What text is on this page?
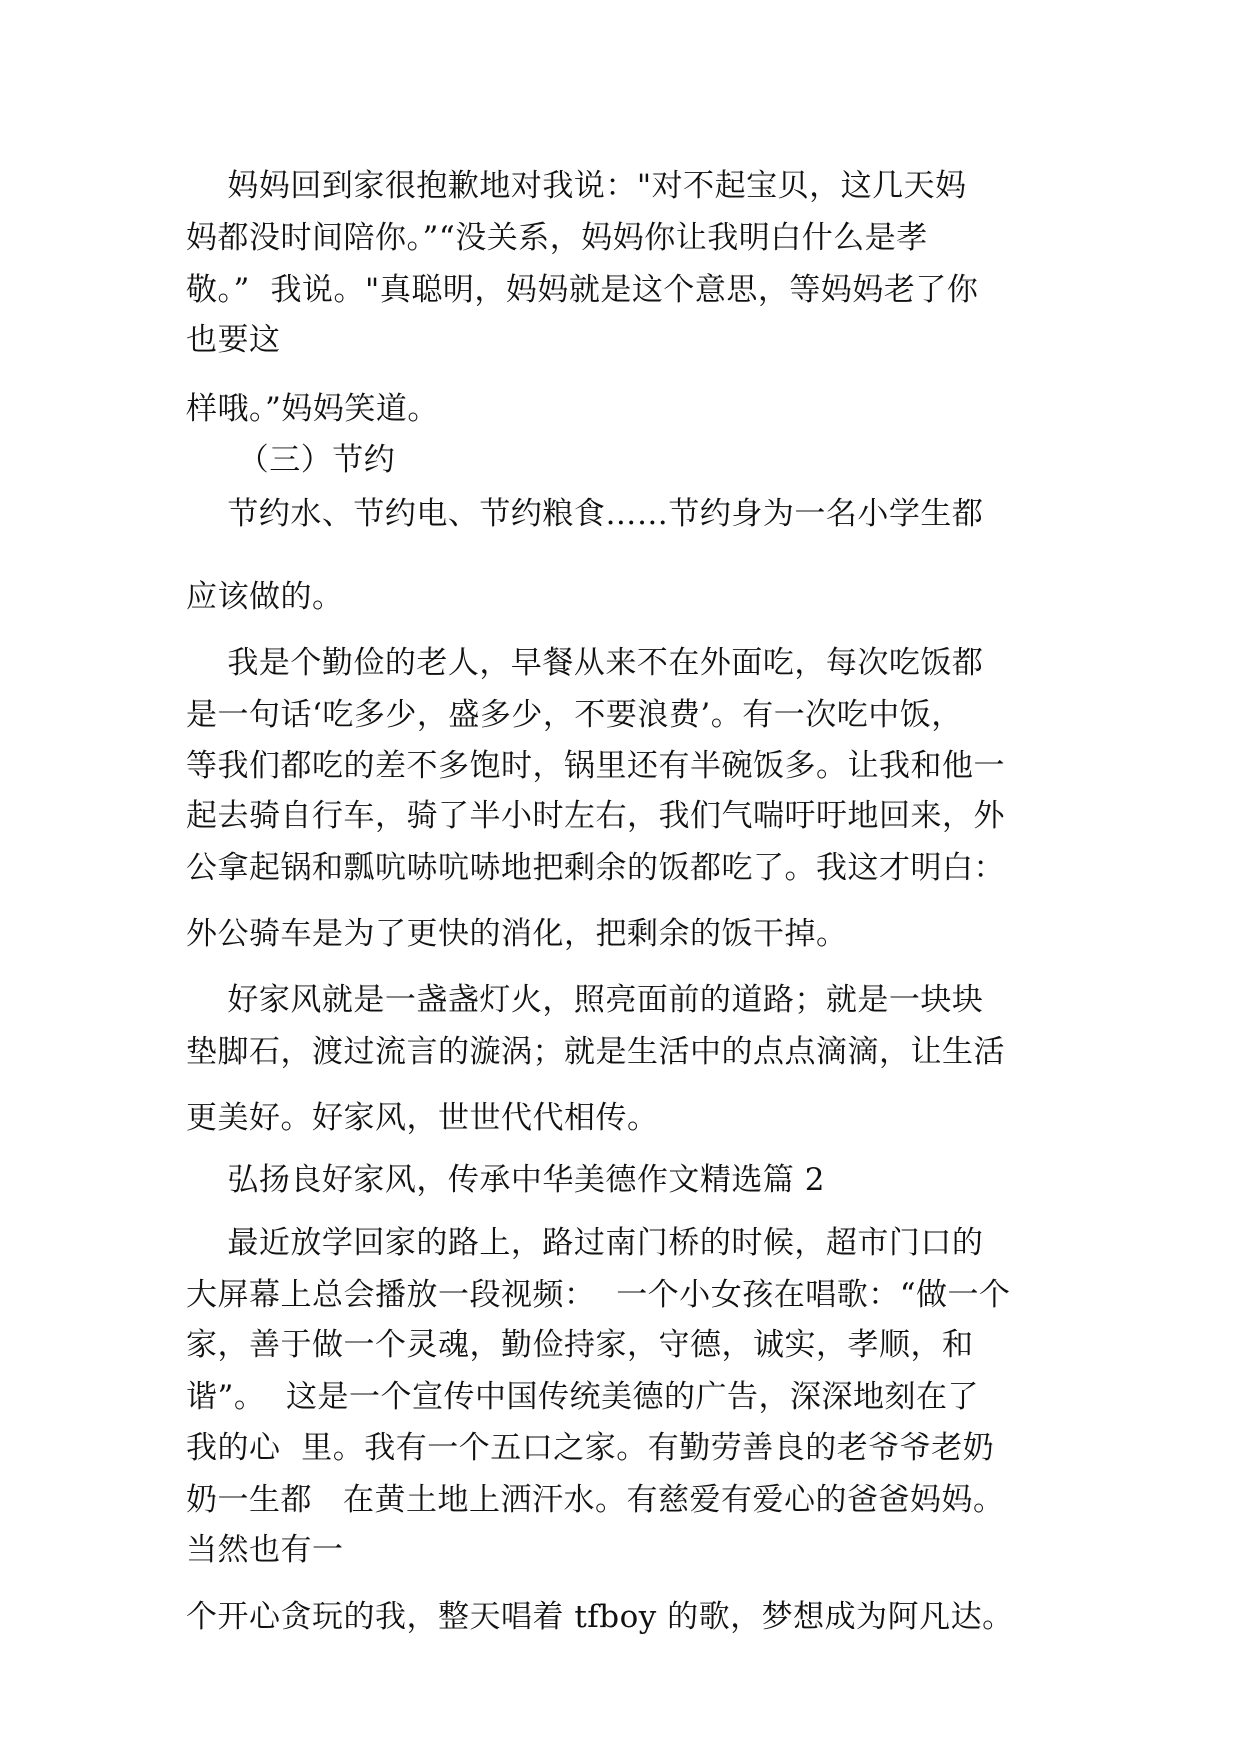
妈妈回到家很抱歉地对我说："对不起宝贝，这几天妈
妈都没时间陪你。”“没关系，妈妈你让我明白什么是孝
敬。”  我说。"真聪明，妈妈就是这个意思，等妈妈老了你
也要这
样哦。”妈妈笑道。
（三）节约
节约水、节约电、节约粮食……节约身为一名小学生都
应该做的。
我是个勤俭的老人，早餐从来不在外面吃，每次吃饭都
是一句话‘吃多少，盛多少，不要浪费’。有一次吃中饭，
等我们都吃的差不多饱时，锅里还有半碗饭多。让我和他一
起去骑自行车，骑了半小时左右，我们气喘吁吁地回来，外
公拿起锅和瓢吭哧吭哧地把剩余的饭都吃了。我这才明白：
外公骑车是为了更快的消化，把剩余的饭干掉。
好家风就是一盏盏灯火，照亮面前的道路；就是一块块
垫脚石，渡过流言的漩涡；就是生活中的点点滴滴，让生活
更美好。好家风，世世代代相传。
弘扬良好家风，传承中华美德作文精选篇 2
最近放学回家的路上，路过南门桥的时候，超市门口的
大屏幕上总会播放一段视频：  一个小女孩在唱歌：“做一个
家，善于做一个灵魂，勤俭持家，守德，诚实，孝顺，和
谐”。  这是一个宣传中国传统美德的广告，深深地刻在了
我的心  里。我有一个五口之家。有勤劳善良的老爷爷老奶
奶一生都   在黄土地上洒汗水。有慈爱有爱心的爸爸妈妈。
当然也有一
个开心贪玩的我，整天唱着 tfboy 的歌，梦想成为阿凡达。
